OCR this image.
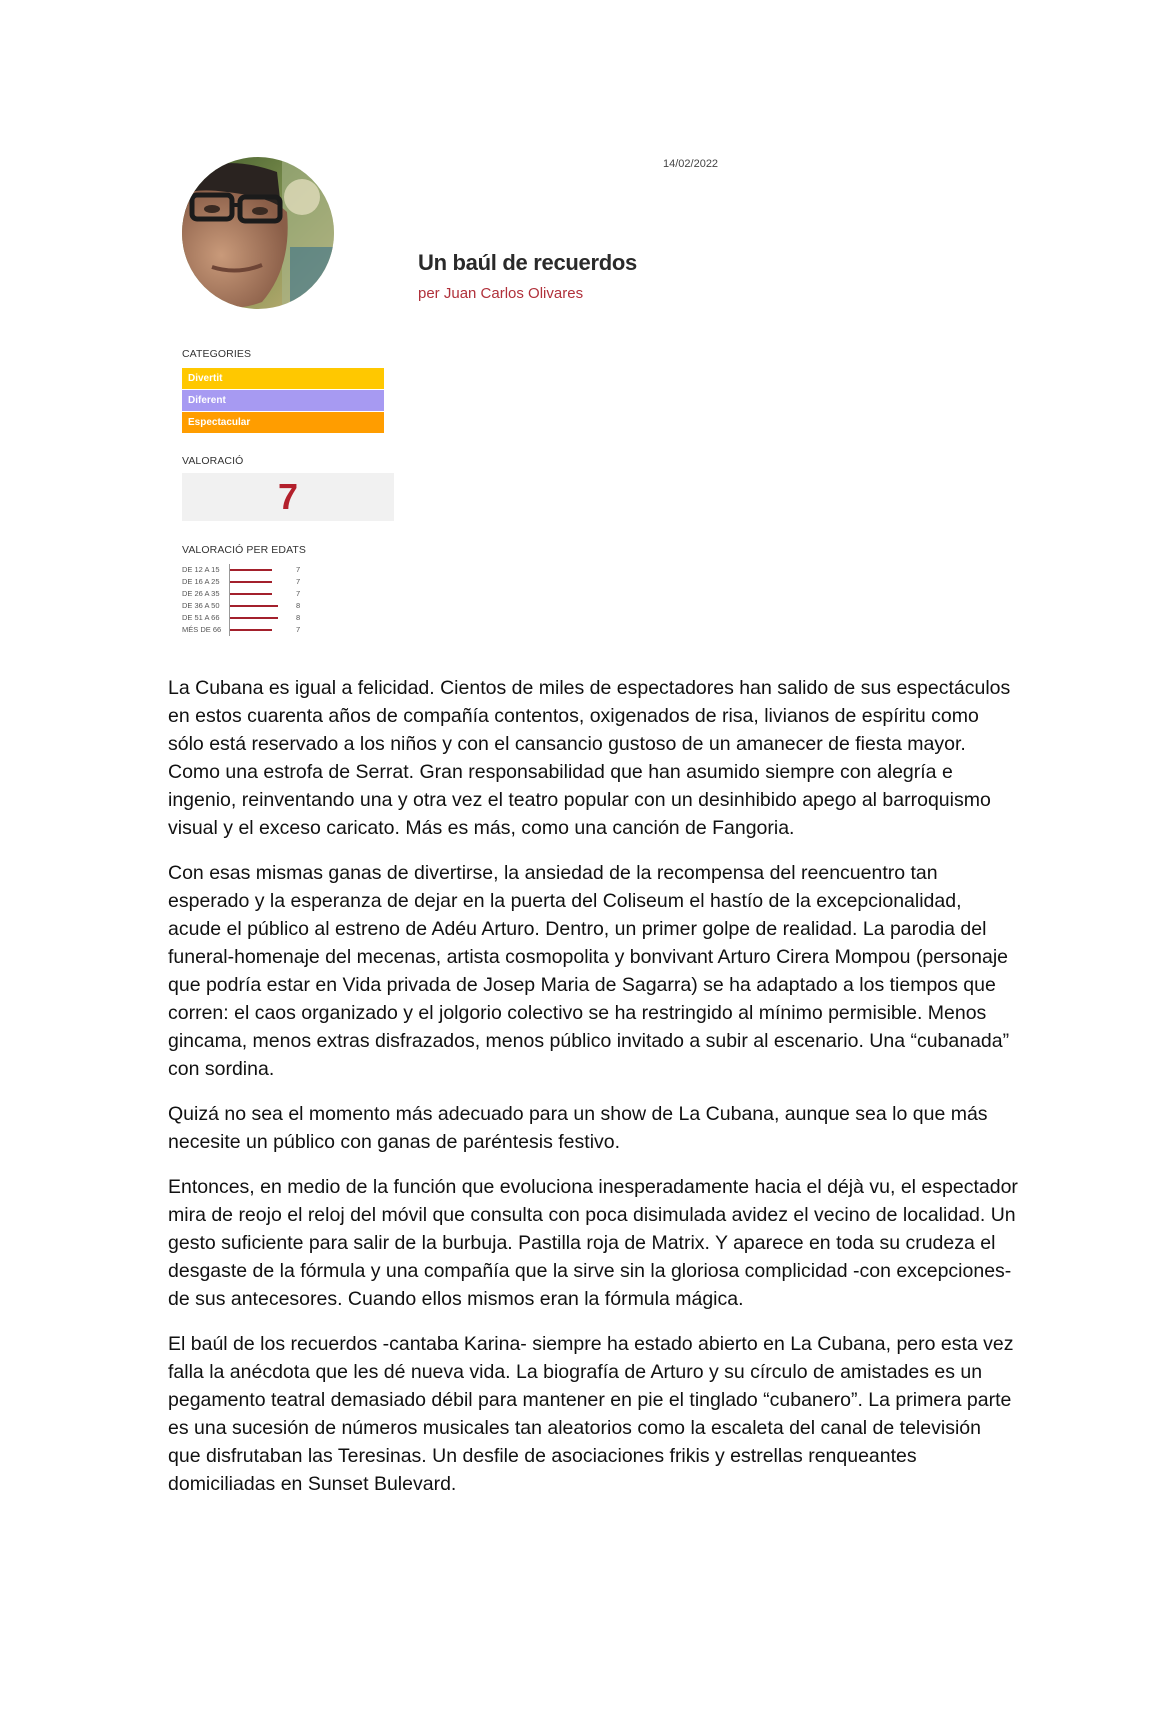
14/02/2022
Un baúl de recuerdos
per Juan Carlos Olivares
CATEGORIES
Divertit
Diferent
Espectacular
VALORACIÓ
7
VALORACIÓ PER EDATS
DE 12 A 15	7
DE 16 A 25	7
DE 26 A 35	7
DE 36 A 50	8
DE 51 A 66	8
MÉS DE 66	7

La Cubana es igual a felicidad. Cientos de miles de espectadores han salido de sus espectáculos en estos cuarenta años de compañía contentos, oxigenados de risa, livianos de espíritu como sólo está reservado a los niños y con el cansancio gustoso de un amanecer de fiesta mayor. Como una estrofa de Serrat. Gran responsabilidad que han asumido siempre con alegría e ingenio, reinventando una y otra vez el teatro popular con un desinhibido apego al barroquismo visual y el exceso caricato. Más es más, como una canción de Fangoria.

Con esas mismas ganas de divertirse, la ansiedad de la recompensa del reencuentro tan esperado y la esperanza de dejar en la puerta del Coliseum el hastío de la excepcionalidad, acude el público al estreno de Adéu Arturo. Dentro, un primer golpe de realidad. La parodia del funeral-homenaje del mecenas, artista cosmopolita y bonvivant Arturo Cirera Mompou (personaje que podría estar en Vida privada de Josep Maria de Sagarra) se ha adaptado a los tiempos que corren: el caos organizado y el jolgorio colectivo se ha restringido al mínimo permisible. Menos gincama, menos extras disfrazados, menos público invitado a subir al escenario. Una “cubanada” con sordina.

Quizá no sea el momento más adecuado para un show de La Cubana, aunque sea lo que más necesite un público con ganas de paréntesis festivo.

Entonces, en medio de la función que evoluciona inesperadamente hacia el déjà vu, el espectador mira de reojo el reloj del móvil que consulta con poca disimulada avidez el vecino de localidad. Un gesto suficiente para salir de la burbuja. Pastilla roja de Matrix. Y aparece en toda su crudeza el desgaste de la fórmula y una compañía que la sirve sin la gloriosa complicidad -con excepciones- de sus antecesores. Cuando ellos mismos eran la fórmula mágica.

El baúl de los recuerdos -cantaba Karina- siempre ha estado abierto en La Cubana, pero esta vez falla la anécdota que les dé nueva vida. La biografía de Arturo y su círculo de amistades es un pegamento teatral demasiado débil para mantener en pie el tinglado “cubanero”. La primera parte es una sucesión de números musicales tan aleatorios como la escaleta del canal de televisión que disfrutaban las Teresinas. Un desfile de asociaciones frikis y estrellas renqueantes domiciliadas en Sunset Bulevard.
